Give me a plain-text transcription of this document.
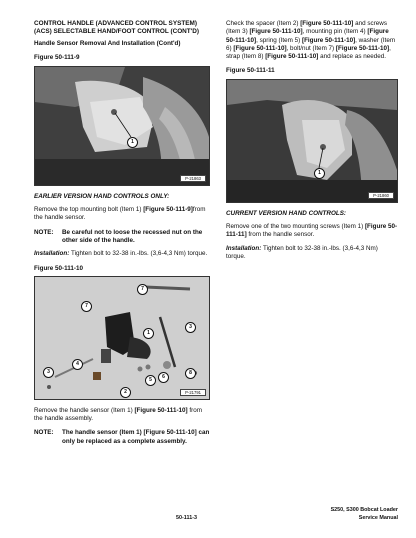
CONTROL HANDLE (ADVANCED CONTROL SYSTEM) (ACS) SELECTABLE HAND/FOOT CONTROL (CONT'D)
Handle Sensor Removal And Installation (Cont'd)
Figure 50-111-9
1
P-21863
EARLIER VERSION HAND CONTROLS ONLY:

Remove the top mounting bolt (Item 1) [Figure 50-111-9]from the handle sensor.

NOTE:	Be careful not to loose the recessed nut on the other side of the handle.

Installation: Tighten bolt to 32-38 in.-lbs. (3,6-4,3 Nm) torque.

Figure 50-111-10
7
7
1
3
3
4
5	6
8
2	P-21791

Remove the handle sensor (Item 1) [Figure 50-111-10] from the handle assembly.

NOTE:	The handle sensor (Item 1) [Figure 50-111-10] can only be replaced as a complete assembly.

Check the spacer (Item 2) [Figure 50-111-10] and screws (Item 3) [Figure 50-111-10], mounting pin (Item 4) [Figure 50-111-10], spring (Item 5) [Figure 50-111-10], washer (Item 6) [Figure 50-111-10], bolt/nut (Item 7) [Figure 50-111-10], strap (Item 8) [Figure 50-111-10] and replace as needed.

Figure 50-111-11
1
P-21860
CURRENT VERSION HAND CONTROLS:

Remove one of the two mounting screws (Item 1) [Figure 50-111-11] from the handle sensor.

Installation: Tighten bolt to 32-38 in.-lbs. (3,6-4,3 Nm) torque.

S250, S300 Bobcat Loader
Service Manual
50-111-3
